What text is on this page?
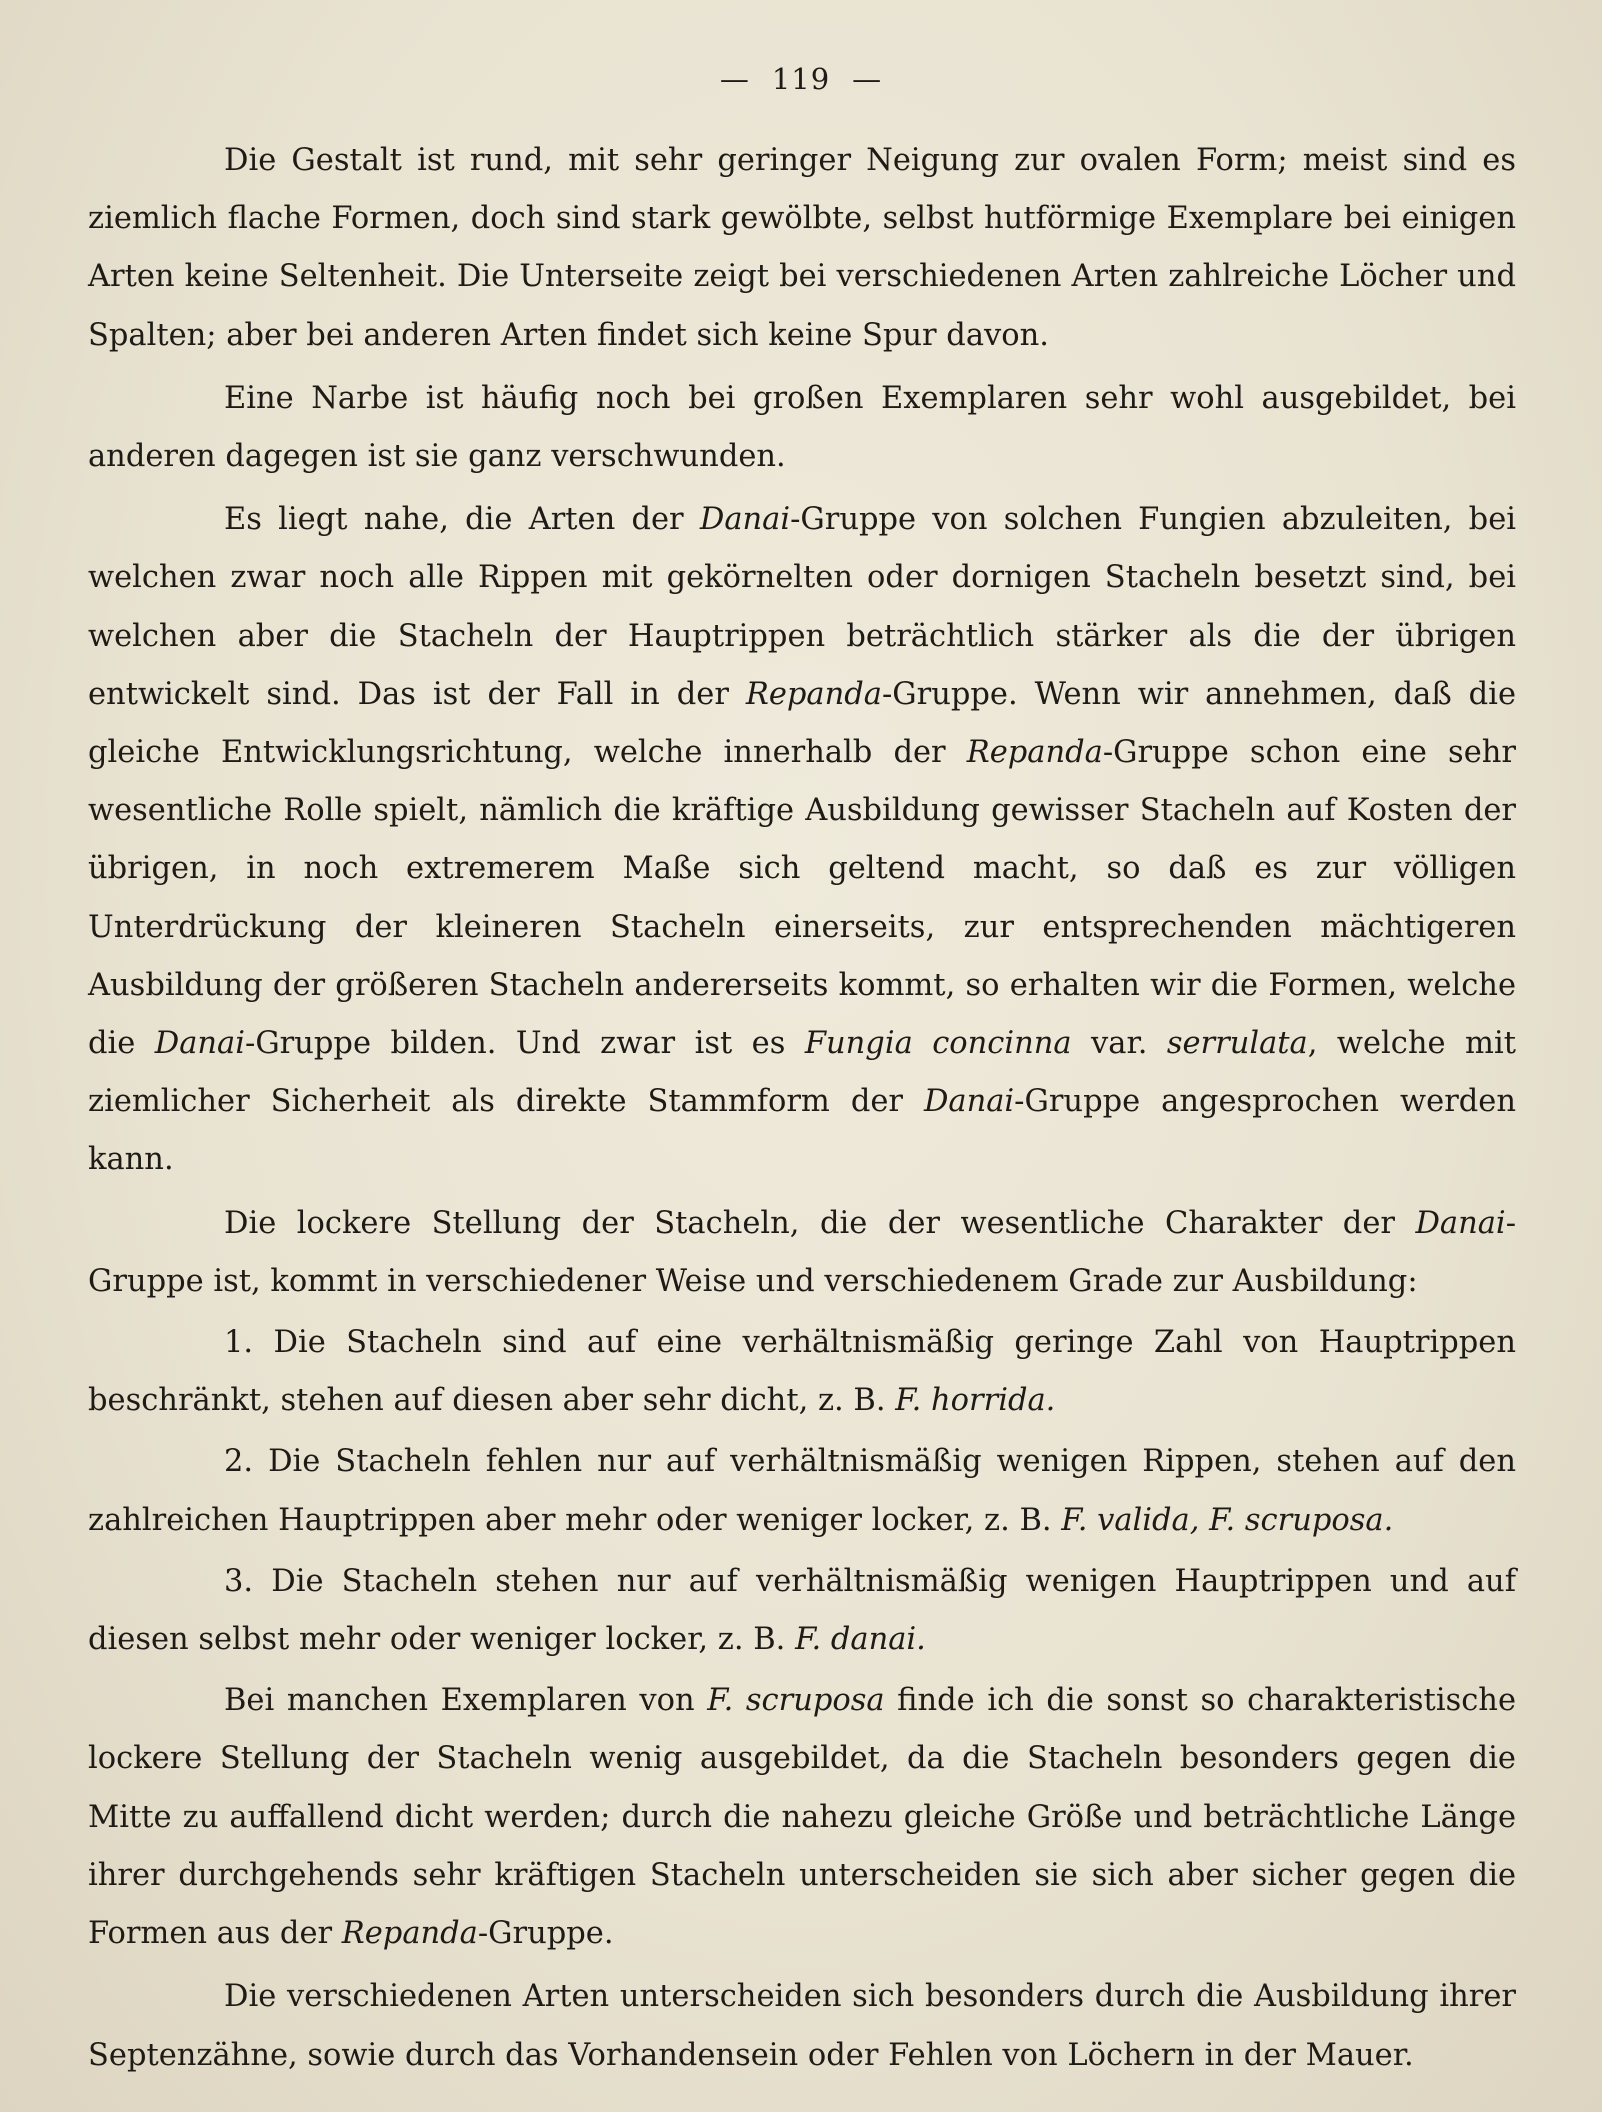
— 119 —

Die Gestalt ist rund, mit sehr geringer Neigung zur ovalen Form; meist sind es ziemlich flache Formen, doch sind stark gewölbte, selbst hutförmige Exemplare bei einigen Arten keine Seltenheit. Die Unterseite zeigt bei verschiedenen Arten zahlreiche Löcher und Spalten; aber bei anderen Arten findet sich keine Spur davon.

Eine Narbe ist häufig noch bei großen Exemplaren sehr wohl ausgebildet, bei anderen dagegen ist sie ganz verschwunden.

Es liegt nahe, die Arten der Danai-Gruppe von solchen Fungien abzuleiten, bei welchen zwar noch alle Rippen mit gekörnelten oder dornigen Stacheln besetzt sind, bei welchen aber die Stacheln der Hauptrippen beträchtlich stärker als die der übrigen entwickelt sind. Das ist der Fall in der Repanda-Gruppe. Wenn wir annehmen, daß die gleiche Entwicklungsrichtung, welche innerhalb der Repanda-Gruppe schon eine sehr wesentliche Rolle spielt, nämlich die kräftige Ausbildung gewisser Stacheln auf Kosten der übrigen, in noch extremerem Maße sich geltend macht, so daß es zur völligen Unterdrückung der kleineren Stacheln einerseits, zur entsprechenden mächtigeren Ausbildung der größeren Stacheln andererseits kommt, so erhalten wir die Formen, welche die Danai-Gruppe bilden. Und zwar ist es Fungia concinna var. serrulata, welche mit ziemlicher Sicherheit als direkte Stammform der Danai-Gruppe angesprochen werden kann.

Die lockere Stellung der Stacheln, die der wesentliche Charakter der Danai-Gruppe ist, kommt in verschiedener Weise und verschiedenem Grade zur Ausbildung:

1. Die Stacheln sind auf eine verhältnismäßig geringe Zahl von Hauptrippen beschränkt, stehen auf diesen aber sehr dicht, z. B. F. horrida.

2. Die Stacheln fehlen nur auf verhältnismäßig wenigen Rippen, stehen auf den zahlreichen Hauptrippen aber mehr oder weniger locker, z. B. F. valida, F. scruposa.

3. Die Stacheln stehen nur auf verhältnismäßig wenigen Hauptrippen und auf diesen selbst mehr oder weniger locker, z. B. F. danai.

Bei manchen Exemplaren von F. scruposa finde ich die sonst so charakteristische lockere Stellung der Stacheln wenig ausgebildet, da die Stacheln besonders gegen die Mitte zu auffallend dicht werden; durch die nahezu gleiche Größe und beträchtliche Länge ihrer durchgehends sehr kräftigen Stacheln unterscheiden sie sich aber sicher gegen die Formen aus der Repanda-Gruppe.

Die verschiedenen Arten unterscheiden sich besonders durch die Ausbildung ihrer Septenzähne, sowie durch das Vorhandensein oder Fehlen von Löchern in der Mauer.
